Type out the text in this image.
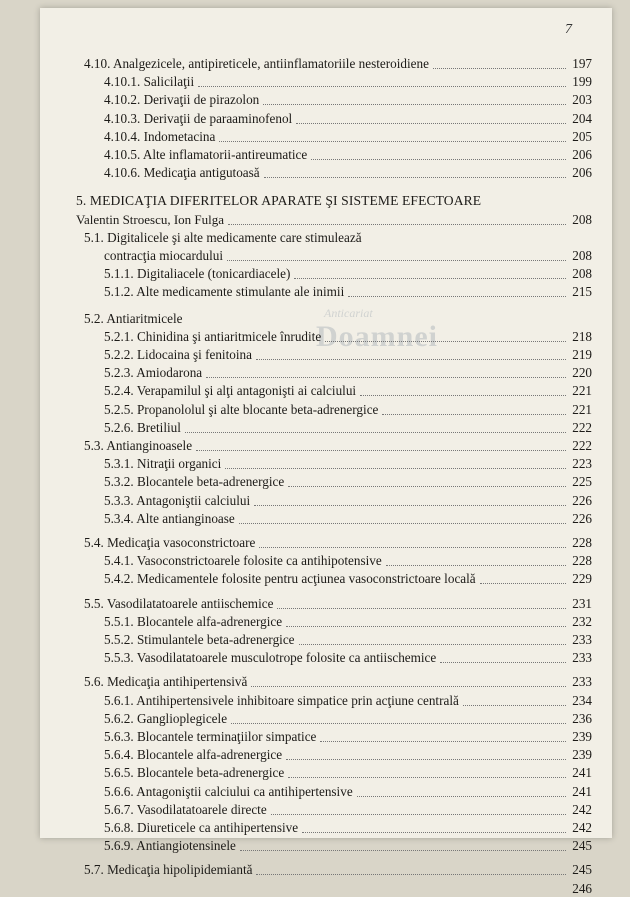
7
Anticariat
Doamnei
4.10. Analgezicele, antipireticele, antiinflamatoriile nesteroidiene	197
4.10.1. Salicilaţii	199
4.10.2. Derivaţii de pirazolon	203
4.10.3. Derivaţii de paraaminofenol	204
4.10.4. Indometacina	205
4.10.5. Alte inflamatorii-antireumatice	206
4.10.6. Medicaţia antigutoasă	206
5. MEDICAŢIA DIFERITELOR APARATE ŞI SISTEME EFECTOARE
Valentin Stroescu, Ion Fulga	208
5.1. Digitalicele şi alte medicamente care stimulează
contracţia miocardului	208
5.1.1. Digitaliacele (tonicardiacele)	208
5.1.2. Alte medicamente stimulante ale inimii	215
5.2. Antiaritmicele
5.2.1. Chinidina şi antiaritmicele înrudite	218
5.2.2. Lidocaina şi fenitoina	219
5.2.3. Amiodarona	220
5.2.4. Verapamilul şi alţi antagonişti ai calciului	221
5.2.5. Propanololul şi alte blocante beta-adrenergice	221
5.2.6. Bretiliul	222
5.3. Antianginoasele	222
5.3.1. Nitraţii organici	223
5.3.2. Blocantele beta-adrenergice	225
5.3.3. Antagoniştii calciului	226
5.3.4. Alte antianginoase	226
5.4. Medicaţia vasoconstrictoare	228
5.4.1. Vasoconstrictoarele folosite ca antihipotensive	228
5.4.2. Medicamentele folosite pentru acţiunea vasoconstrictoare locală	229
5.5. Vasodilatatoarele antiischemice	231
5.5.1. Blocantele alfa-adrenergice	232
5.5.2. Stimulantele beta-adrenergice	233
5.5.3. Vasodilatatoarele musculotrope folosite ca antiischemice	233
5.6. Medicaţia antihipertensivă	233
5.6.1. Antihipertensivele inhibitoare simpatice prin acţiune centrală	234
5.6.2. Ganglioplegicele	236
5.6.3. Blocantele terminaţiilor simpatice	239
5.6.4. Blocantele alfa-adrenergice	239
5.6.5. Blocantele beta-adrenergice	241
5.6.6. Antagoniştii calciului ca antihipertensive	241
5.6.7. Vasodilatatoarele directe	242
5.6.8. Diureticele ca antihipertensive	242
5.6.9. Antiangiotensinele	245
5.7. Medicaţia hipolipidemiantă	245
246
